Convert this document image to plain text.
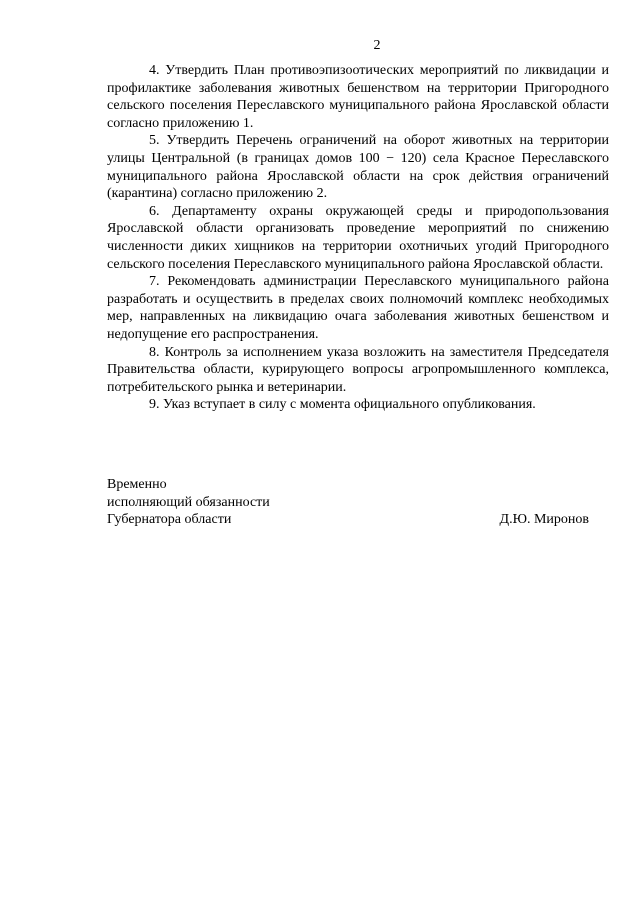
2

4. Утвердить План противоэпизоотических мероприятий по ликвидации и профилактике заболевания животных бешенством на территории Пригородного сельского поселения Переславского муниципального района Ярославской области согласно приложению 1.

5. Утвердить Перечень ограничений на оборот животных на территории улицы Центральной (в границах домов 100 − 120) села Красное Переславского муниципального района Ярославской области на срок действия ограничений (карантина) согласно приложению 2.

6. Департаменту охраны окружающей среды и природопользования Ярославской области организовать проведение мероприятий по снижению численности диких хищников на территории охотничьих угодий Пригородного сельского поселения Переславского муниципального района Ярославской области.

7. Рекомендовать администрации Переславского муниципального района разработать и осуществить в пределах своих полномочий комплекс необходимых мер, направленных на ликвидацию очага заболевания животных бешенством и недопущение его распространения.

8. Контроль за исполнением указа возложить на заместителя Председателя Правительства области, курирующего вопросы агропромышленного комплекса, потребительского рынка и ветеринарии.

9. Указ вступает в силу с момента официального опубликования.

Временно

исполняющий обязанности

Губернатора области	Д.Ю. Миронов
